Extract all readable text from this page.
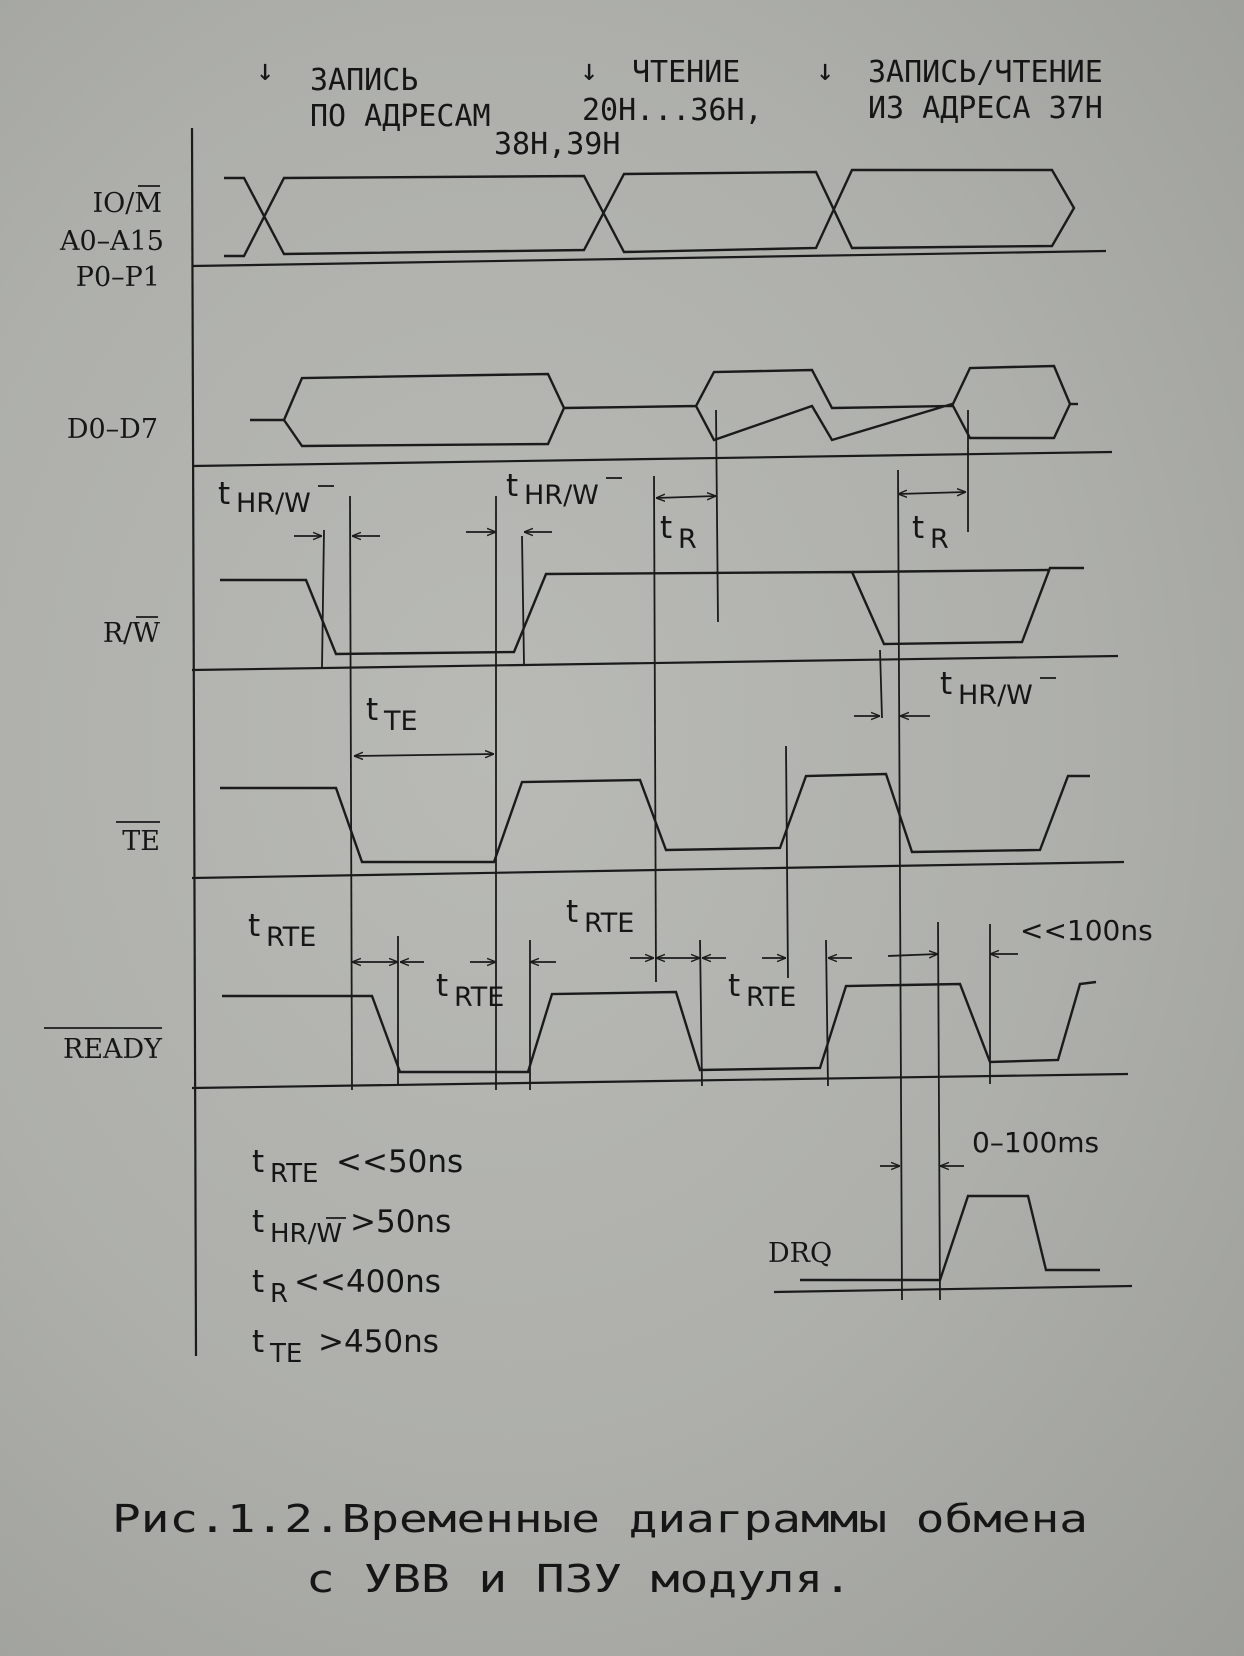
↓ ЗАПИСЬ
ПО АДРЕСАМ
↓ ЧТЕНИЕ
20Н...36Н,
38Н,39Н
↓ ЗАПИСЬ/ЧТЕНИЕ
ИЗ АДРЕСА 37Н
IO/M
A0–A15
P0–P1
D0–D7
R/W
TE
READY
DRQ
t HR/W	t HR/W
t R	t R
t HR/W
t TE
t RTE
t RTE
t RTE
t RTE
<<100ns
0–100ms
t RTE <<50ns
t HR/W >50ns
t R <<400ns
t TE >450ns
Рис.1.2.Временные диаграммы обмена
с УВВ и ПЗУ модуля.
